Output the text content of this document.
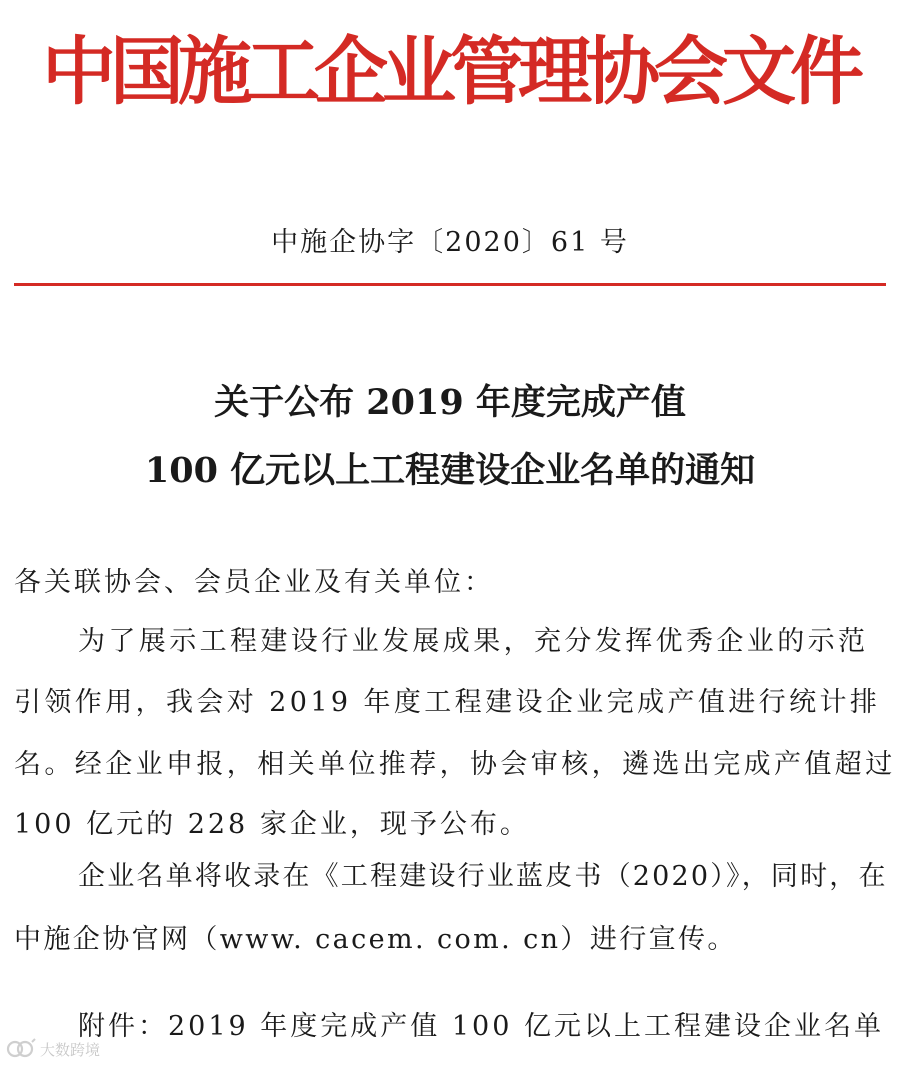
中国施工企业管理协会文件
中施企协字〔2020〕61 号
关于公布 2019 年度完成产值
100 亿元以上工程建设企业名单的通知
各关联协会、会员企业及有关单位：
为了展示工程建设行业发展成果，充分发挥优秀企业的示范
引领作用，我会对 2019 年度工程建设企业完成产值进行统计排
名。经企业申报，相关单位推荐，协会审核，遴选出完成产值超过
100 亿元的 228 家企业，现予公布。
企业名单将收录在《工程建设行业蓝皮书（2020）》，同时，在
中施企协官网（www. cacem. com. cn）进行宣传。
附件：2019 年度完成产值 100 亿元以上工程建设企业名单
大数跨境
